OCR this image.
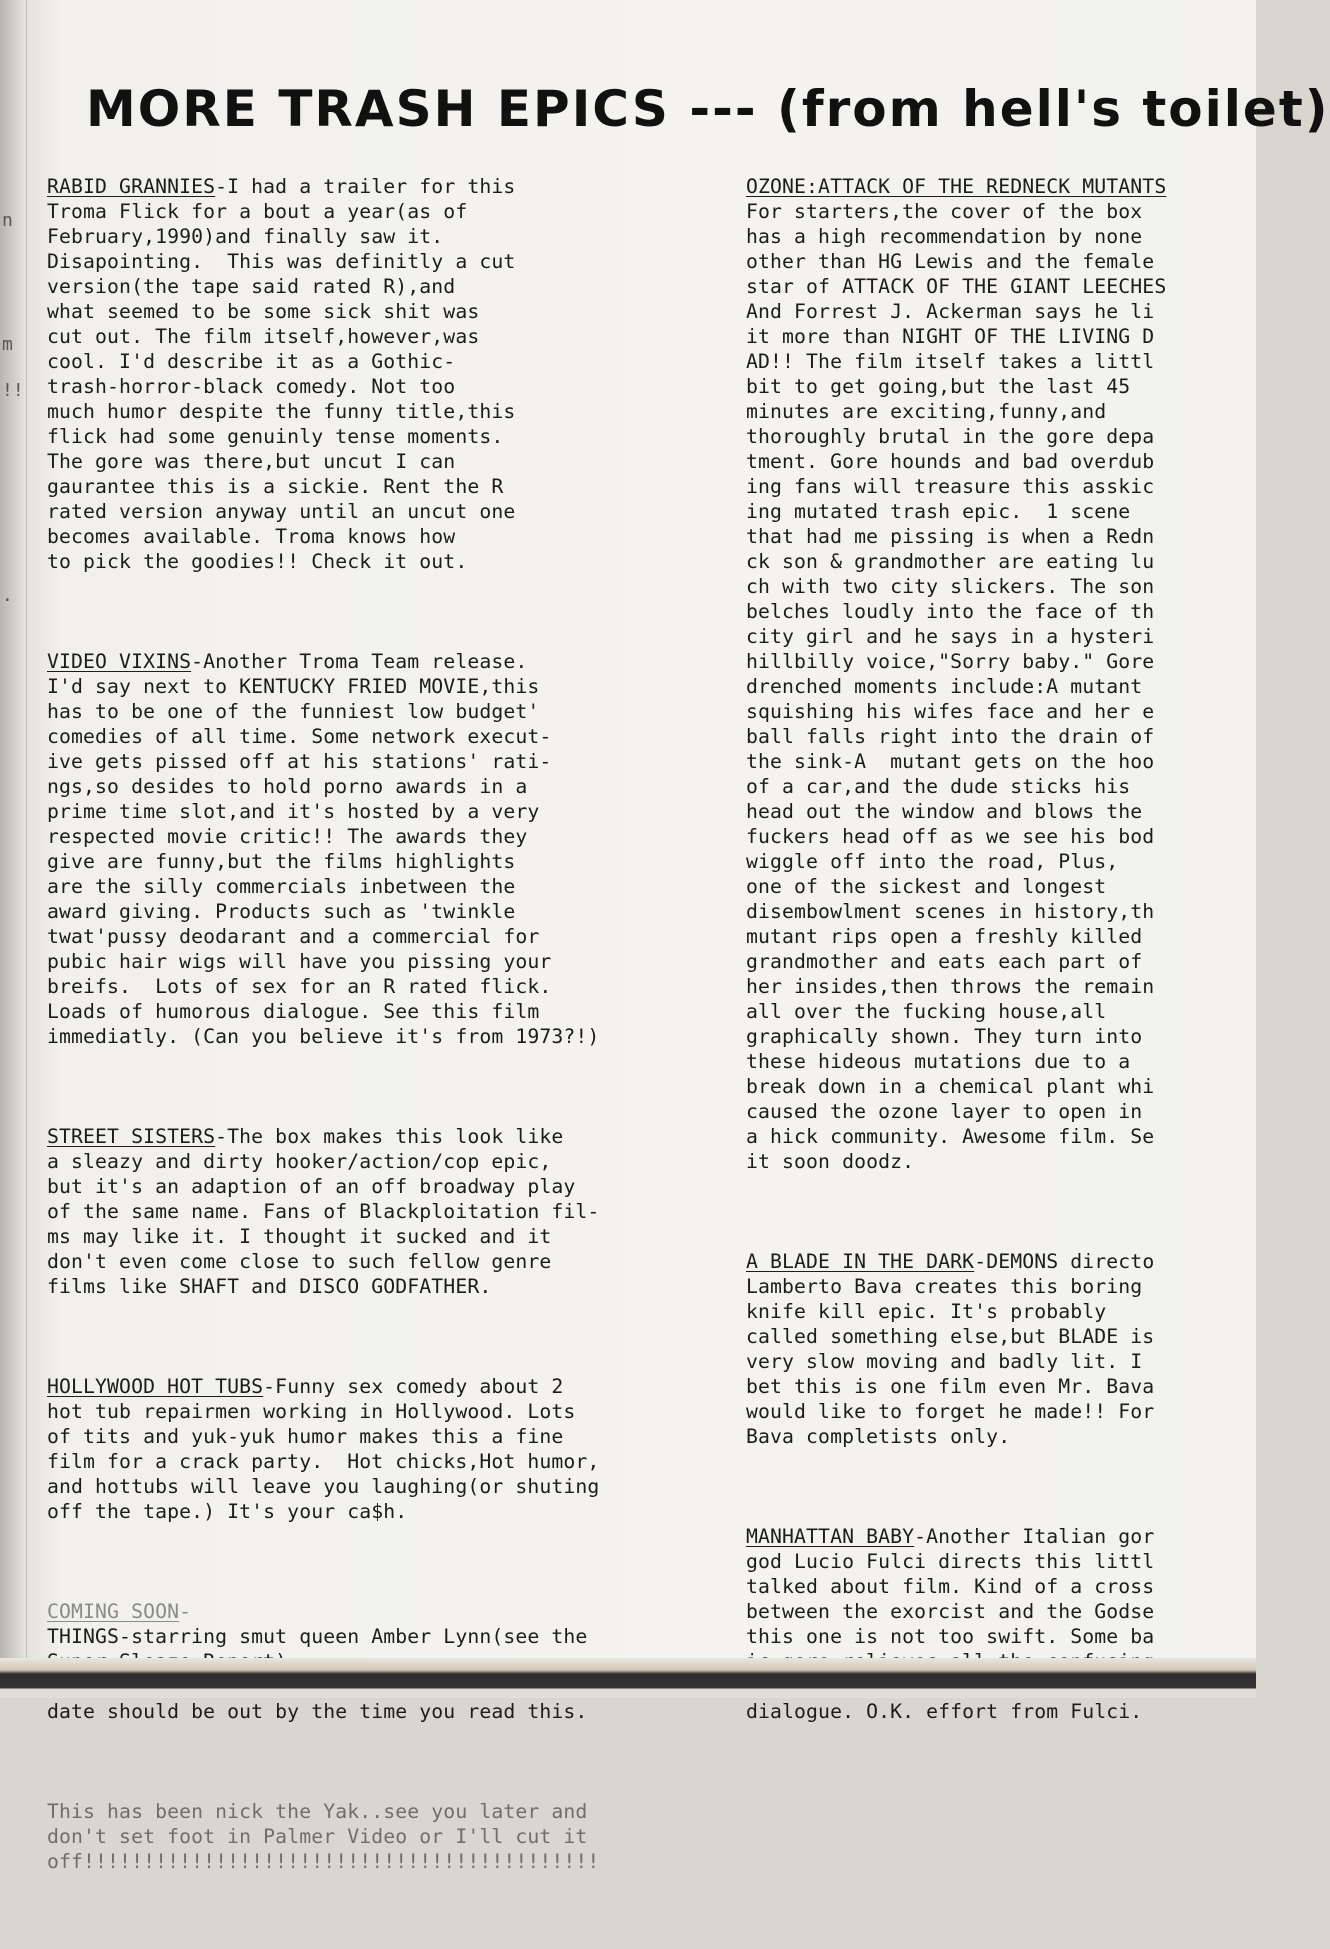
n
m
!!
.
MORE TRASH EPICS --- (from hell's toilet)

RABID GRANNIES-I had a trailer for this
Troma Flick for a bout a year(as of
February,1990)and finally saw it.
Disapointing.  This was definitly a cut
version(the tape said rated R),and
what seemed to be some sick shit was
cut out. The film itself,however,was
cool. I'd describe it as a Gothic-
trash-horror-black comedy. Not too
much humor despite the funny title,this
flick had some genuinly tense moments.
The gore was there,but uncut I can
gaurantee this is a sickie. Rent the R
rated version anyway until an uncut one
becomes available. Troma knows how
to pick the goodies!! Check it out.

VIDEO VIXINS-Another Troma Team release.
I'd say next to KENTUCKY FRIED MOVIE,this
has to be one of the funniest low budget'
comedies of all time. Some network execut-
ive gets pissed off at his stations' rati-
ngs,so desides to hold porno awards in a
prime time slot,and it's hosted by a very
respected movie critic!! The awards they
give are funny,but the films highlights
are the silly commercials inbetween the
award giving. Products such as 'twinkle
twat'pussy deodarant and a commercial for
pubic hair wigs will have you pissing your
breifs.  Lots of sex for an R rated flick.
Loads of humorous dialogue. See this film
immediatly. (Can you believe it's from 1973?!)

STREET SISTERS-The box makes this look like
a sleazy and dirty hooker/action/cop epic,
but it's an adaption of an off broadway play
of the same name. Fans of Blackploitation fil-
ms may like it. I thought it sucked and it
don't even come close to such fellow genre
films like SHAFT and DISCO GODFATHER.

HOLLYWOOD HOT TUBS-Funny sex comedy about 2
hot tub repairmen working in Hollywood. Lots
of tits and yuk-yuk humor makes this a fine
film for a crack party.  Hot chicks,Hot humor,
and hottubs will leave you laughing(or shuting
off the tape.) It's your ca$h.

COMING SOON-
THINGS-starring smut queen Amber Lynn(see the

date should be out by the time you read this.

This has been nick the Yak..see you later and
don't set foot in Palmer Video or I'll cut it
off!!!!!!!!!!!!!!!!!!!!!!!!!!!!!!!!!!!!!!!!!!!

OZONE:ATTACK OF THE REDNECK MUTANTS
For starters,the cover of the box
has a high recommendation by none
other than HG Lewis and the female
star of ATTACK OF THE GIANT LEECHES
And Forrest J. Ackerman says he li
it more than NIGHT OF THE LIVING D
AD!! The film itself takes a littl
bit to get going,but the last 45
minutes are exciting,funny,and
thoroughly brutal in the gore depa
tment. Gore hounds and bad overdub
ing fans will treasure this asskic
ing mutated trash epic.  1 scene
that had me pissing is when a Redn
ck son & grandmother are eating lu
ch with two city slickers. The son
belches loudly into the face of th
city girl and he says in a hysteri
hillbilly voice,"Sorry baby." Gore
drenched moments include:A mutant
squishing his wifes face and her e
ball falls right into the drain of
the sink-A  mutant gets on the hoo
of a car,and the dude sticks his
head out the window and blows the
fuckers head off as we see his bod
wiggle off into the road, Plus,
one of the sickest and longest
disembowlment scenes in history,th
mutant rips open a freshly killed
grandmother and eats each part of
her insides,then throws the remain
all over the fucking house,all
graphically shown. They turn into
these hideous mutations due to a
break down in a chemical plant whi
caused the ozone layer to open in
a hick community. Awesome film. Se
it soon doodz.

A BLADE IN THE DARK-DEMONS directo
Lamberto Bava creates this boring
knife kill epic. It's probably
called something else,but BLADE is
very slow moving and badly lit. I
bet this is one film even Mr. Bava
would like to forget he made!! For
Bava completists only.

MANHATTAN BABY-Another Italian gor
god Lucio Fulci directs this littl
talked about film. Kind of a cross
between the exorcist and the Godse
this one is not too swift. Some ba

dialogue. O.K. effort from Fulci.
